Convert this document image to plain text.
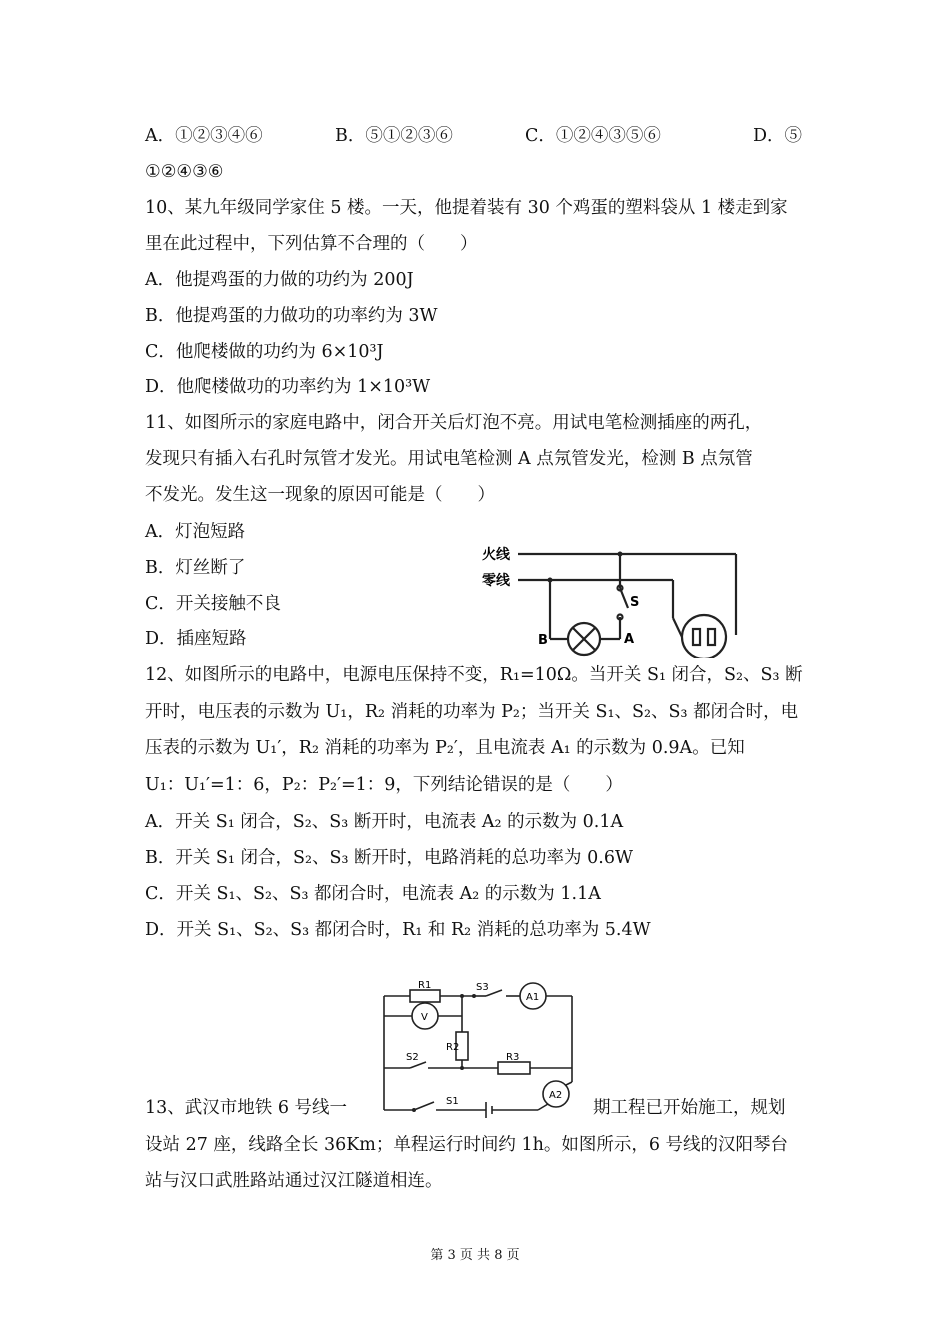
A．①②③④⑥	B．⑤①②③⑥	C．①②④③⑤⑥	D．⑤
①②④③⑥
10、某九年级同学家住 5 楼。一天，他提着装有 30 个鸡蛋的塑料袋从 1 楼走到家
里在此过程中，下列估算不合理的（　　）
A．他提鸡蛋的力做的功约为 200J
B．他提鸡蛋的力做功的功率约为 3W
C．他爬楼做的功约为 6×10³J
D．他爬楼做功的功率约为 1×10³W
11、如图所示的家庭电路中，闭合开关后灯泡不亮。用试电笔检测插座的两孔，
发现只有插入右孔时氖管才发光。用试电笔检测 A 点氖管发光，检测 B 点氖管
不发光。发生这一现象的原因可能是（　　）
A．灯泡短路
B．灯丝断了
C．开关接触不良
D．插座短路
火线
零线
S
A
B
12、如图所示的电路中，电源电压保持不变，R₁=10Ω。当开关 S₁ 闭合，S₂、S₃ 断
开时，电压表的示数为 U₁，R₂ 消耗的功率为 P₂；当开关 S₁、S₂、S₃ 都闭合时，电
压表的示数为 U₁′，R₂ 消耗的功率为 P₂′，且电流表 A₁ 的示数为 0.9A。已知
U₁：U₁′=1：6，P₂：P₂′=1：9，下列结论错误的是（　　）
A．开关 S₁ 闭合，S₂、S₃ 断开时，电流表 A₂ 的示数为 0.1A
B．开关 S₁ 闭合，S₂、S₃ 断开时，电路消耗的总功率为 0.6W
C．开关 S₁、S₂、S₃ 都闭合时，电流表 A₂ 的示数为 1.1A
D．开关 S₁、S₂、S₃ 都闭合时，R₁ 和 R₂ 消耗的总功率为 5.4W
R1
R2
R3
S3
S2
S1
V
A1
A2
13、武汉市地铁 6 号线一	期工程已开始施工，规划
设站 27 座，线路全长 36Km；单程运行时间约 1h。如图所示，6 号线的汉阳琴台
站与汉口武胜路站通过汉江隧道相连。
第 3 页 共 8 页
